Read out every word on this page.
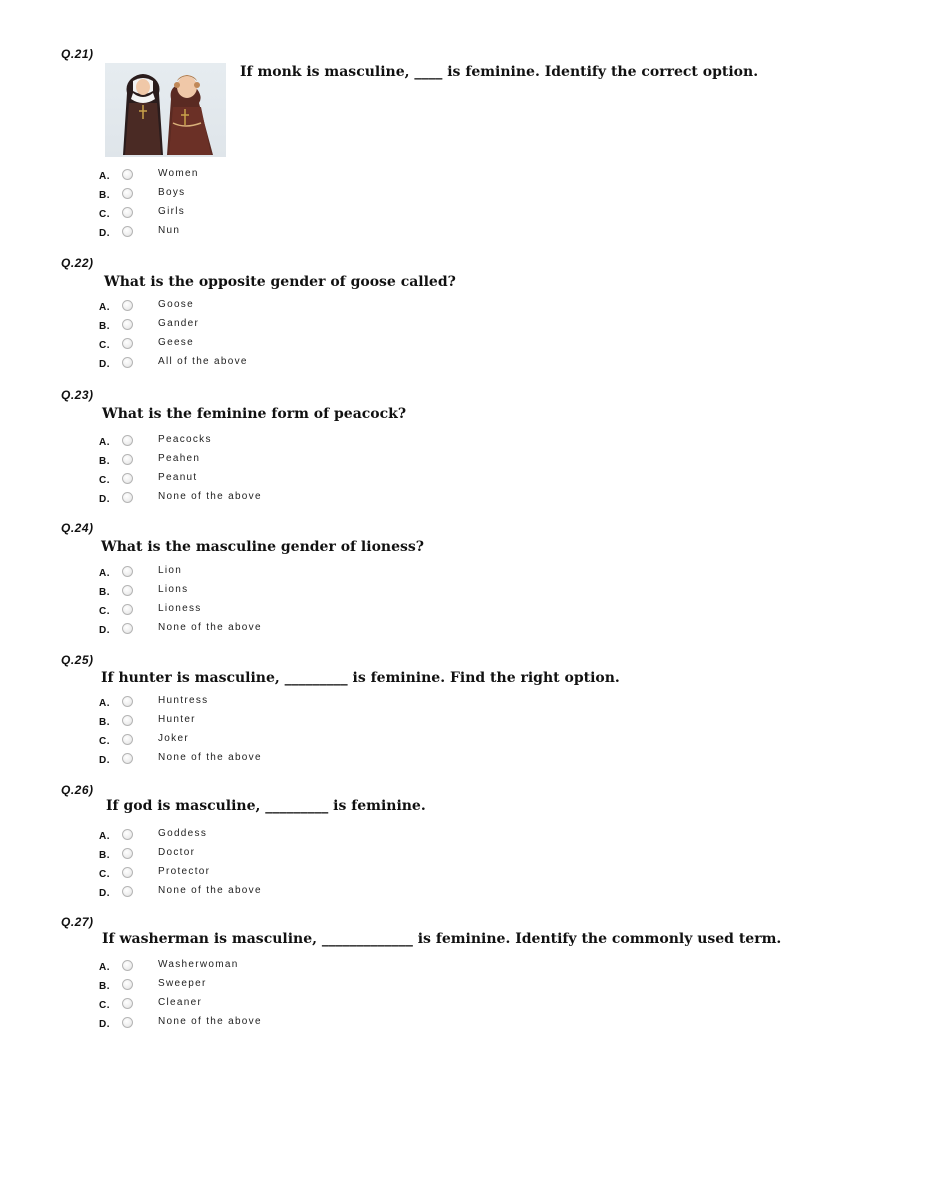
Q.21)
If monk is masculine, ____ is feminine. Identify the correct option.
A.	Women
B.	Boys
C.	Girls
D.	Nun
Q.22)
What is the opposite gender of goose called?
A.	Goose
B.	Gander
C.	Geese
D.	All of the above
Q.23)
What is the feminine form of peacock?
A.	Peacocks
B.	Peahen
C.	Peanut
D.	None of the above
Q.24)
What is the masculine gender of lioness?
A.	Lion
B.	Lions
C.	Lioness
D.	None of the above
Q.25)
If hunter is masculine, _________ is feminine. Find the right option.
A.	Huntress
B.	Hunter
C.	Joker
D.	None of the above
Q.26)
If god is masculine, _________ is feminine.
A.	Goddess
B.	Doctor
C.	Protector
D.	None of the above
Q.27)
If washerman is masculine, _____________ is feminine. Identify the commonly used term.
A.	Washerwoman
B.	Sweeper
C.	Cleaner
D.	None of the above
